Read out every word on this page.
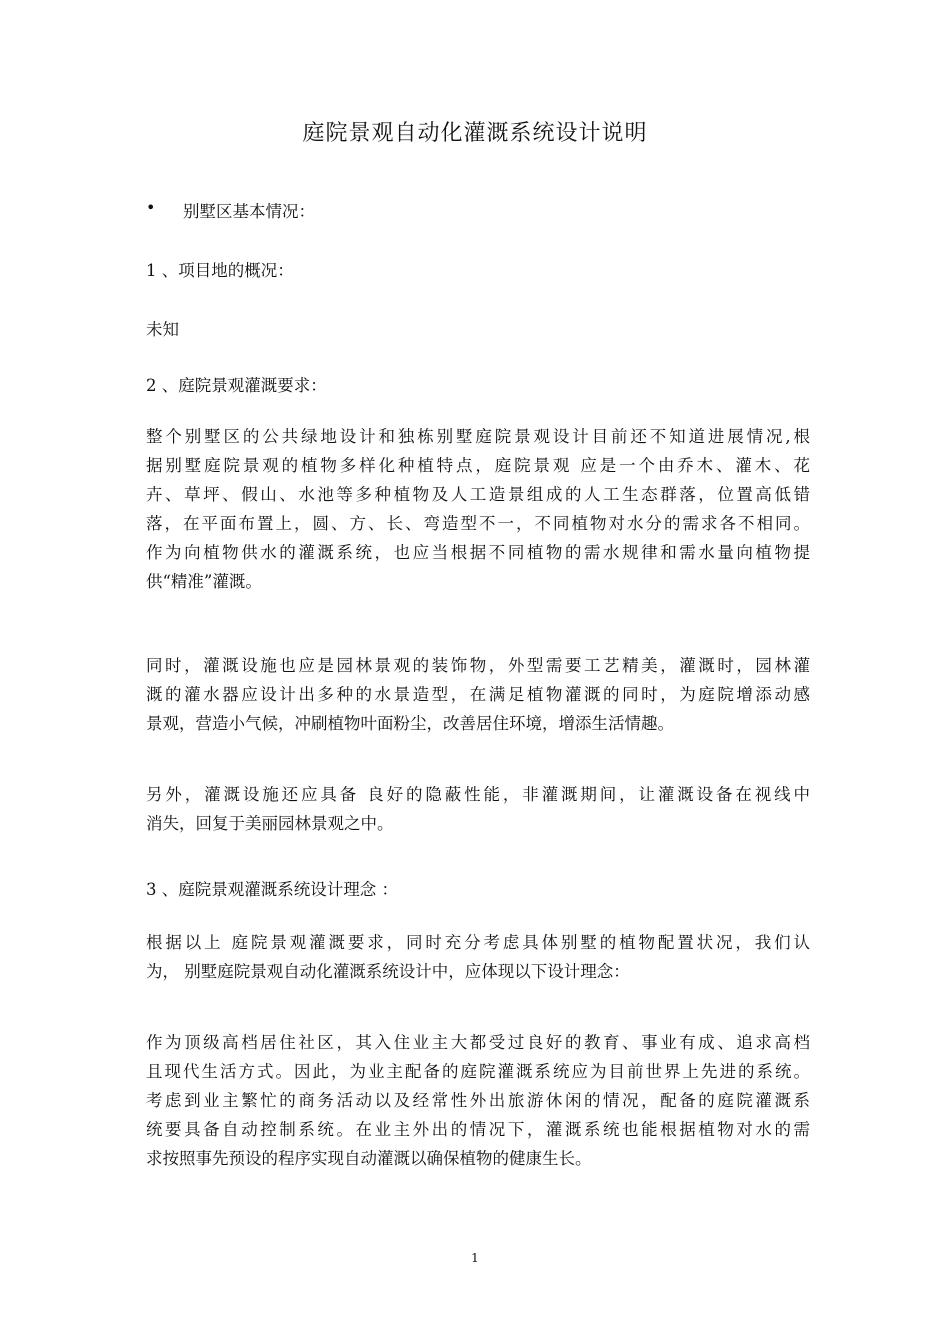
庭院景观自动化灌溉系统设计说明
• 别墅区基本情况：

1 、项目地的概况：

未知

2 、庭院景观灌溉要求：

整个别墅区的公共绿地设计和独栋别墅庭院景观设计目前还不知道进展情况,根
据别墅庭院景观的植物多样化种植特点，庭院景观 应是一个由乔木、灌木、花
卉、草坪、假山、水池等多种植物及人工造景组成的人工生态群落，位置高低错
落，在平面布置上，圆、方、长、弯造型不一，不同植物对水分的需求各不相同。
作为向植物供水的灌溉系统，也应当根据不同植物的需水规律和需水量向植物提
供“精准”灌溉。
同时，灌溉设施也应是园林景观的装饰物，外型需要工艺精美，灌溉时，园林灌
溉的灌水器应设计出多种的水景造型，在满足植物灌溉的同时，为庭院增添动感
景观，营造小气候，冲刷植物叶面粉尘，改善居住环境，增添生活情趣。
另外，灌溉设施还应具备 良好的隐蔽性能，非灌溉期间，让灌溉设备在视线中
消失，回复于美丽园林景观之中。

3 、庭院景观灌溉系统设计理念 ：

根据以上 庭院景观灌溉要求，同时充分考虑具体别墅的植物配置状况，我们认
为， 别墅庭院景观自动化灌溉系统设计中，应体现以下设计理念：
作为顶级高档居住社区，其入住业主大都受过良好的教育、事业有成、追求高档
且现代生活方式。因此，为业主配备的庭院灌溉系统应为目前世界上先进的系统。
考虑到业主繁忙的商务活动以及经常性外出旅游休闲的情况，配备的庭院灌溉系
统要具备自动控制系统。在业主外出的情况下，灌溉系统也能根据植物对水的需
求按照事先预设的程序实现自动灌溉以确保植物的健康生长。
1
